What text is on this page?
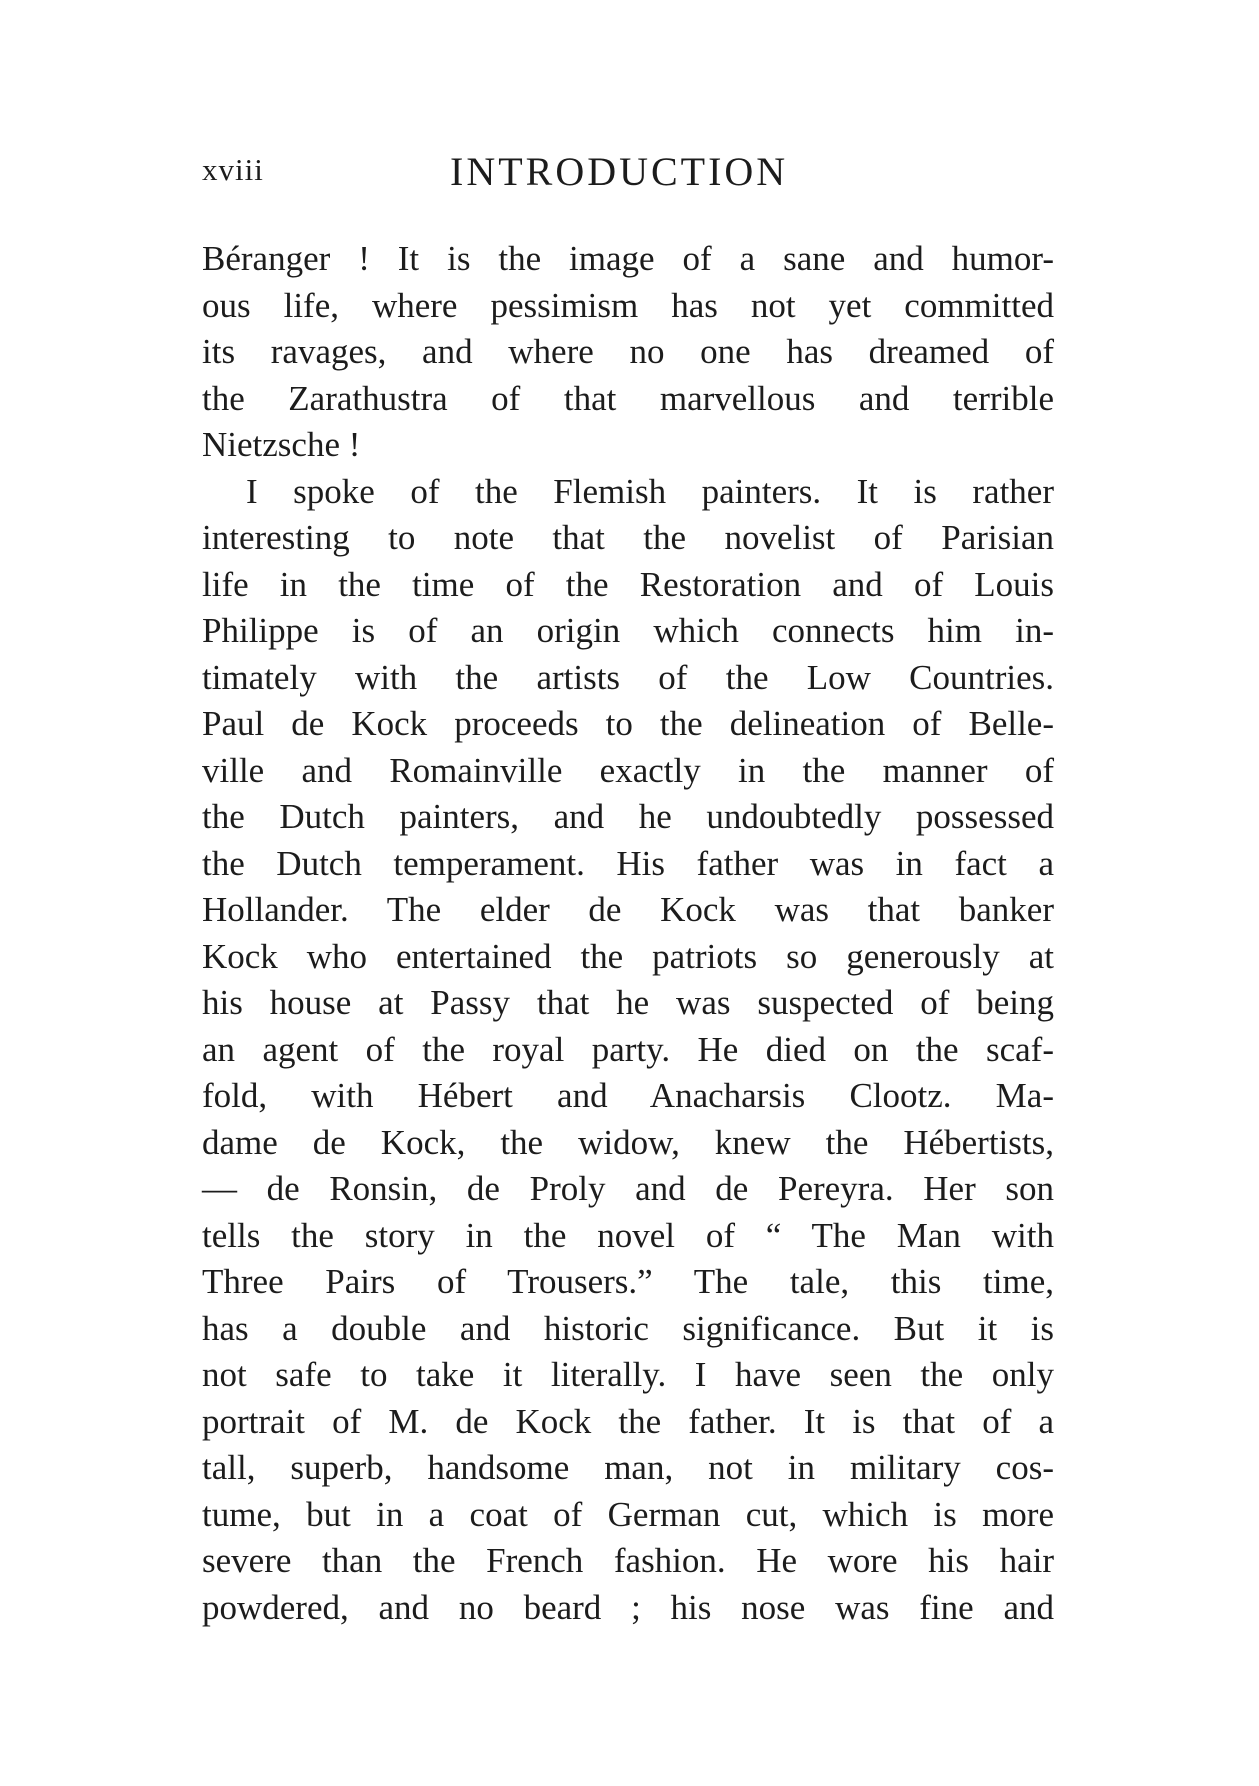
xviii	INTRODUCTION
Béranger ! It is the image of a sane and humor-
ous life, where pessimism has not yet committed
its ravages, and where no one has dreamed of
the Zarathustra of that marvellous and terrible
Nietzsche !
I spoke of the Flemish painters. It is rather
interesting to note that the novelist of Parisian
life in the time of the Restoration and of Louis
Philippe is of an origin which connects him in-
timately with the artists of the Low Countries.
Paul de Kock proceeds to the delineation of Belle-
ville and Romainville exactly in the manner of
the Dutch painters, and he undoubtedly possessed
the Dutch temperament. His father was in fact a
Hollander. The elder de Kock was that banker
Kock who entertained the patriots so generously at
his house at Passy that he was suspected of being
an agent of the royal party. He died on the scaf-
fold, with Hébert and Anacharsis Clootz. Ma-
dame de Kock, the widow, knew the Hébertists,
— de Ronsin, de Proly and de Pereyra. Her son
tells the story in the novel of “ The Man with
Three Pairs of Trousers.” The tale, this time,
has a double and historic significance. But it is
not safe to take it literally. I have seen the only
portrait of M. de Kock the father. It is that of a
tall, superb, handsome man, not in military cos-
tume, but in a coat of German cut, which is more
severe than the French fashion. He wore his hair
powdered, and no beard ; his nose was fine and
